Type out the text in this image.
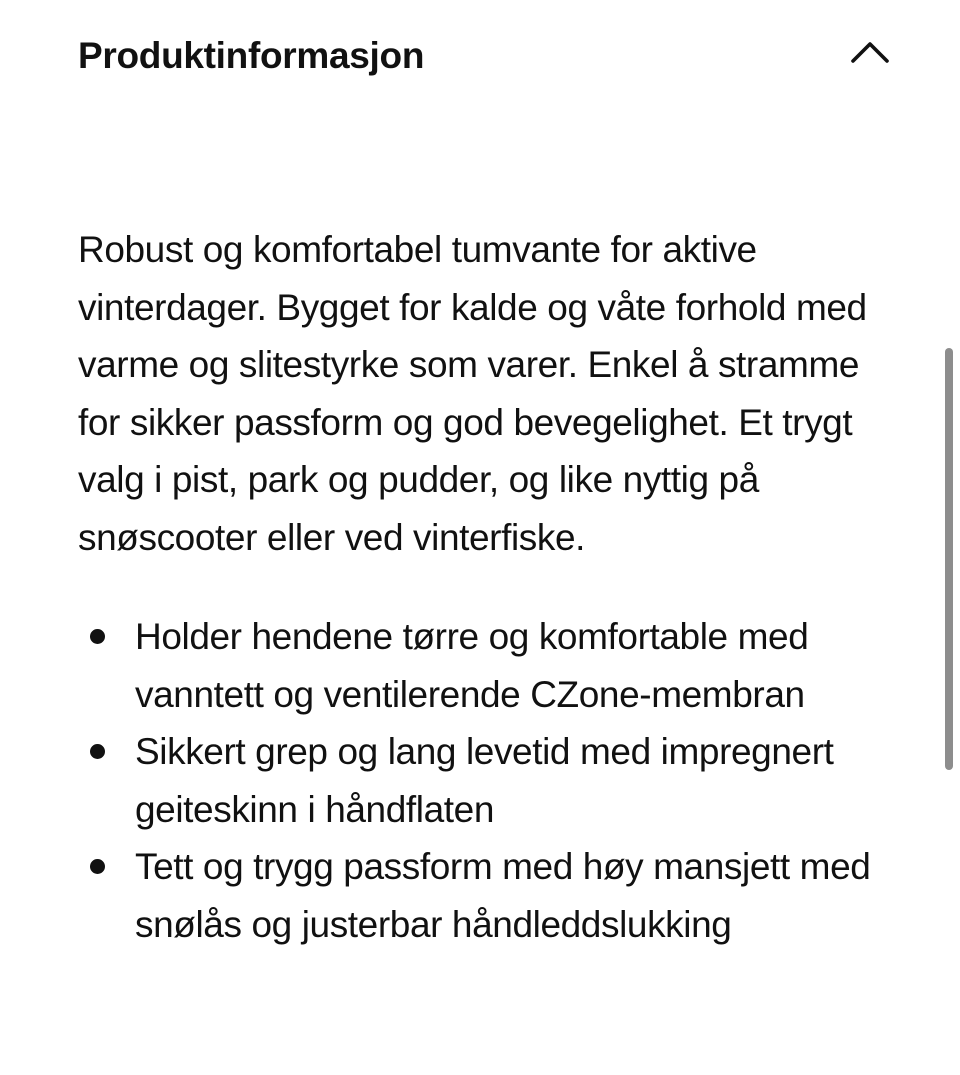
Produktinformasjon

Robust og komfortabel tumvante for aktive vinterdager. Bygget for kalde og våte forhold med varme og slitestyrke som varer. Enkel å stramme for sikker passform og god bevegelighet. Et trygt valg i pist, park og pudder, og like nyttig på snøscooter eller ved vinterfiske.

Holder hendene tørre og komfortable med vanntett og ventilerende CZone-membran
Sikkert grep og lang levetid med impregnert geiteskinn i håndflaten
Tett og trygg passform med høy mansjett med snølås og justerbar håndleddslukking
